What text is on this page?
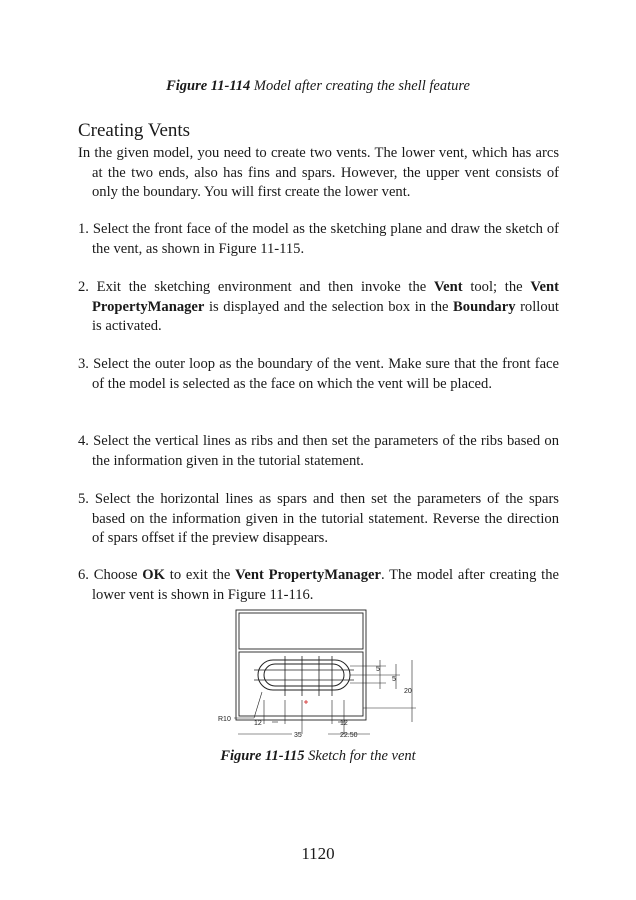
Figure 11-114 Model after creating the shell feature
Creating Vents
In the given model, you need to create two vents. The lower vent, which has arcs at the two ends, also has fins and spars. However, the upper vent consists of only the boundary. You will first create the lower vent.
1. Select the front face of the model as the sketching plane and draw the sketch of the vent, as shown in Figure 11-115.
2. Exit the sketching environment and then invoke the Vent tool; the Vent PropertyManager is displayed and the selection box in the Boundary rollout is activated.
3. Select the outer loop as the boundary of the vent. Make sure that the front face of the model is selected as the face on which the vent will be placed.
4. Select the vertical lines as ribs and then set the parameters of the ribs based on the information given in the tutorial statement.
5. Select the horizontal lines as spars and then set the parameters of the spars based on the information given in the tutorial statement. Reverse the direction of spars offset if the preview disappears.
6. Choose OK to exit the Vent PropertyManager. The model after creating the lower vent is shown in Figure 11-116.
R10
12	12
35	22.50
5
5
20
Figure 11-115 Sketch for the vent
1120
